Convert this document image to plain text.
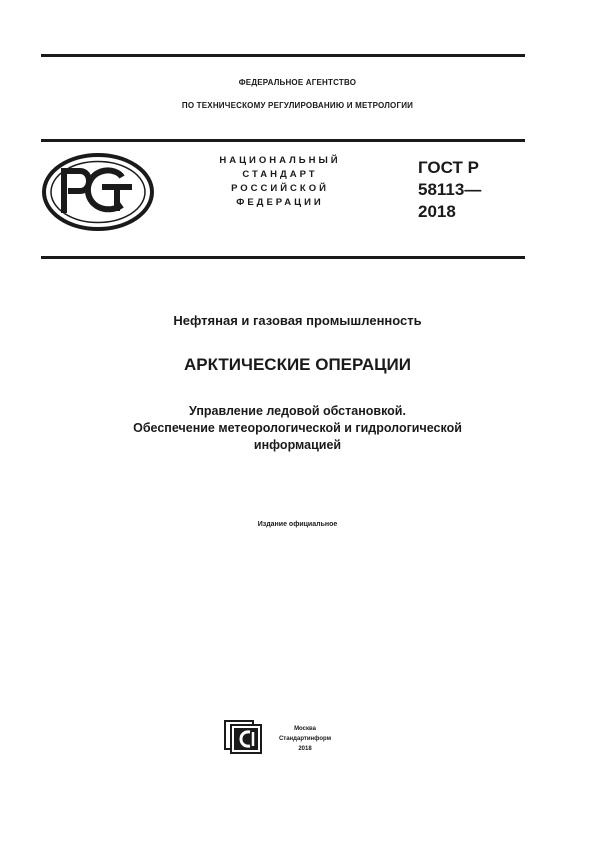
ФЕДЕРАЛЬНОЕ АГЕНТСТВО
ПО ТЕХНИЧЕСКОМУ РЕГУЛИРОВАНИЮ И МЕТРОЛОГИИ
НАЦИОНАЛЬНЫЙ
СТАНДАРТ
РОССИЙСКОЙ
ФЕДЕРАЦИИ
ГОСТ Р
58113—
2018
Нефтяная и газовая промышленность
АРКТИЧЕСКИЕ ОПЕРАЦИИ
Управление ледовой обстановкой.
Обеспечение метеорологической и гидрологической
информацией
Издание официальное
Москва
Стандартинформ
2018
